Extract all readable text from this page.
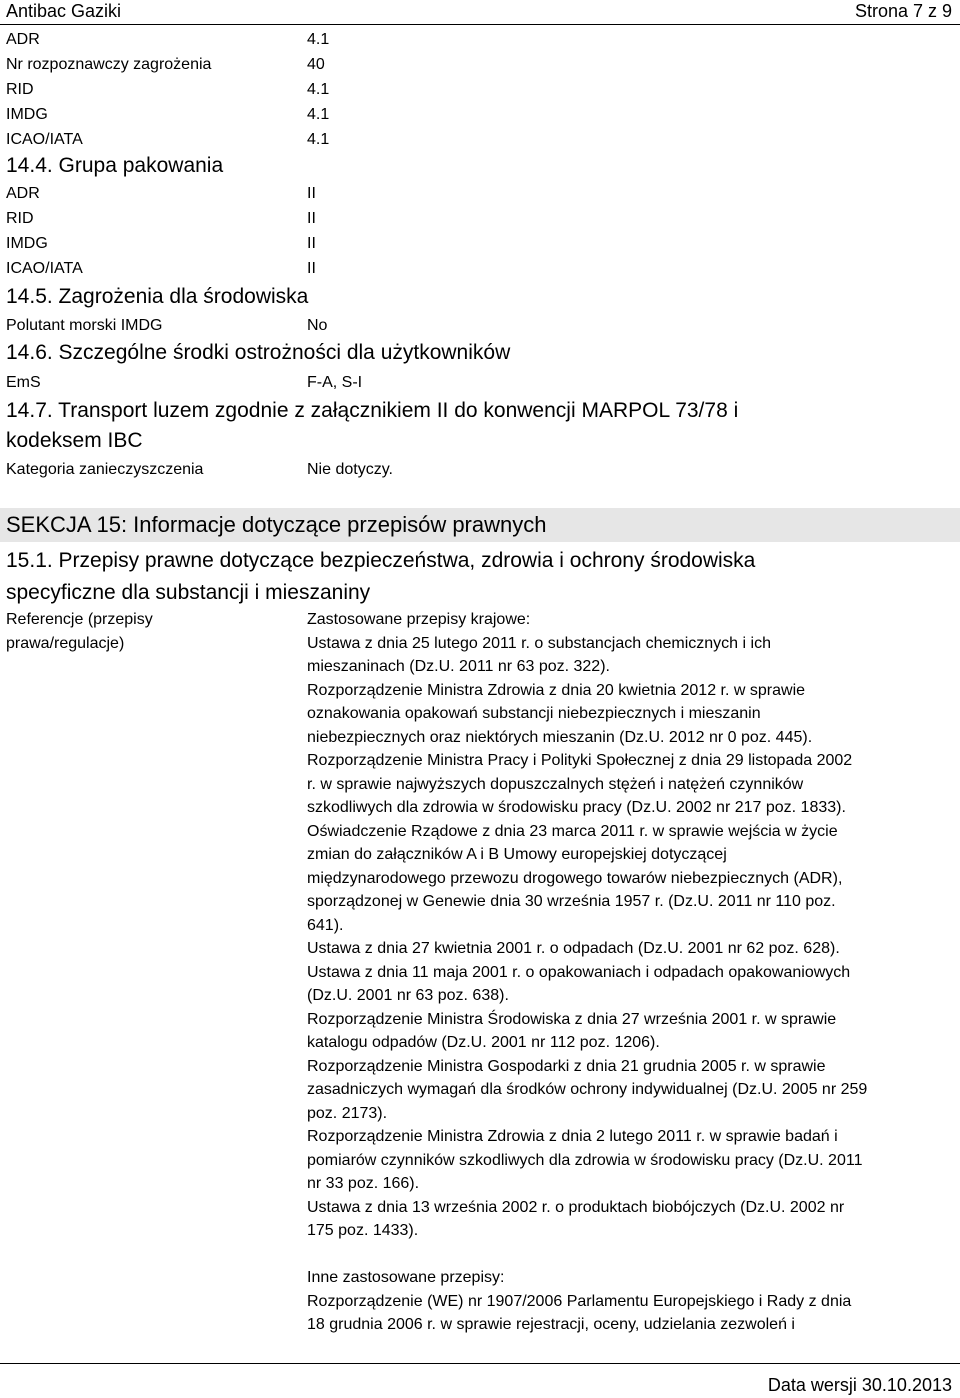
Antibac Gaziki	Strona 7 z 9
ADR	4.1
Nr rozpoznawczy zagrożenia	40
RID	4.1
IMDG	4.1
ICAO/IATA	4.1
14.4. Grupa pakowania
ADR	II
RID	II
IMDG	II
ICAO/IATA	II
14.5. Zagrożenia dla środowiska
Polutant morski IMDG	No
14.6. Szczególne środki ostrożności dla użytkowników
EmS	F-A, S-I
14.7. Transport luzem zgodnie z załącznikiem II do konwencji MARPOL 73/78 i
kodeksem IBC
Kategoria zanieczyszczenia	Nie dotyczy.
SEKCJA 15: Informacje dotyczące przepisów prawnych
15.1. Przepisy prawne dotyczące bezpieczeństwa, zdrowia i ochrony środowiska
specyficzne dla substancji i mieszaniny
Referencje (przepisy
prawa/regulacje)

Zastosowane przepisy krajowe:

Ustawa z dnia 25 lutego 2011 r. o substancjach chemicznych i ich

mieszaninach (Dz.U. 2011 nr 63 poz. 322).

Rozporządzenie Ministra Zdrowia z dnia 20 kwietnia 2012 r. w sprawie

oznakowania opakowań substancji niebezpiecznych i mieszanin

niebezpiecznych oraz niektórych mieszanin (Dz.U. 2012 nr 0 poz. 445).

Rozporządzenie Ministra Pracy i Polityki Społecznej z dnia 29 listopada 2002

r. w sprawie najwyższych dopuszczalnych stężeń i natężeń czynników

szkodliwych dla zdrowia w środowisku pracy (Dz.U. 2002 nr 217 poz. 1833).

Oświadczenie Rządowe z dnia 23 marca 2011 r. w sprawie wejścia w życie

zmian do załączników A i B Umowy europejskiej dotyczącej

międzynarodowego przewozu drogowego towarów niebezpiecznych (ADR),

sporządzonej w Genewie dnia 30 września 1957 r. (Dz.U. 2011 nr 110 poz.

641).

Ustawa z dnia 27 kwietnia 2001 r. o odpadach (Dz.U. 2001 nr 62 poz. 628).

Ustawa z dnia 11 maja 2001 r. o opakowaniach i odpadach opakowaniowych

(Dz.U. 2001 nr 63 poz. 638).

Rozporządzenie Ministra Środowiska z dnia 27 września 2001 r. w sprawie

katalogu odpadów (Dz.U. 2001 nr 112 poz. 1206).

Rozporządzenie Ministra Gospodarki z dnia 21 grudnia 2005 r. w sprawie

zasadniczych wymagań dla środków ochrony indywidualnej (Dz.U. 2005 nr 259

poz. 2173).

Rozporządzenie Ministra Zdrowia z dnia 2 lutego 2011 r. w sprawie badań i

pomiarów czynników szkodliwych dla zdrowia w środowisku pracy (Dz.U. 2011

nr 33 poz. 166).

Ustawa z dnia 13 września 2002 r. o produktach biobójczych (Dz.U. 2002 nr

175 poz. 1433).

Inne zastosowane przepisy:

Rozporządzenie (WE) nr 1907/2006 Parlamentu Europejskiego i Rady z dnia

18 grudnia 2006 r. w sprawie rejestracji, oceny, udzielania zezwoleń i

Data wersji 30.10.2013
